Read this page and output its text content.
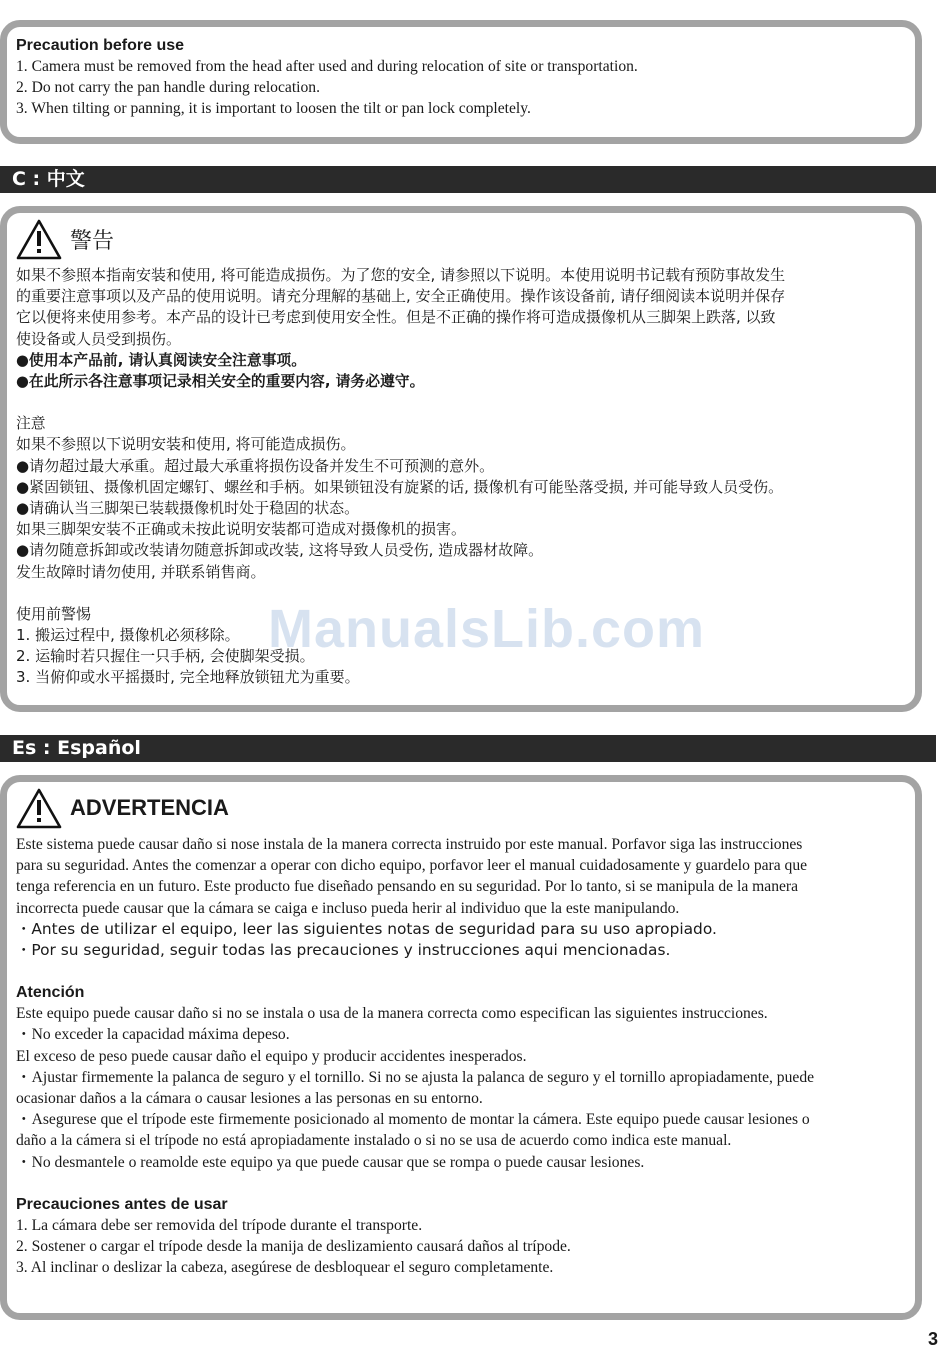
Precaution before use
1. Camera must be removed from the head after used and during relocation of site or transportation.
2. Do not carry the pan handle during relocation.
3. When tilting or panning, it is important to loosen the tilt or pan lock completely.
C : 中文
警告
如果不参照本指南安装和使用, 将可能造成损伤。为了您的安全, 请参照以下说明。本使用说明书记载有预防事故发生
的重要注意事项以及产品的使用说明。请充分理解的基础上, 安全正确使用。操作该设备前, 请仔细阅读本说明并保存
它以便将来使用参考。本产品的设计已考虑到使用安全性。但是不正确的操作将可造成摄像机从三脚架上跌落, 以致
使设备或人员受到损伤。
●使用本产品前, 请认真阅读安全注意事项。
●在此所示各注意事项记录相关安全的重要内容, 请务必遵守。
注意
如果不参照以下说明安装和使用, 将可能造成损伤。
●请勿超过最大承重。超过最大承重将损伤设备并发生不可预测的意外。
●紧固锁钮、摄像机固定螺钉、螺丝和手柄。如果锁钮没有旋紧的话, 摄像机有可能坠落受损, 并可能导致人员受伤。
●请确认当三脚架已装载摄像机时处于稳固的状态。
如果三脚架安装不正确或未按此说明安装都可造成对摄像机的损害。
●请勿随意拆卸或改装请勿随意拆卸或改装, 这将导致人员受伤, 造成器材故障。
发生故障时请勿使用, 并联系销售商。
使用前警惕
1. 搬运过程中, 摄像机必须移除。
2. 运输时若只握住一只手柄, 会使脚架受损。
3. 当俯仰或水平摇摄时, 完全地释放锁钮尤为重要。
ManualsLib.com
Es : Español
ADVERTENCIA
Este sistema puede causar daño si nose instala de la manera correcta instruido por este manual. Porfavor siga las instrucciones
para su seguridad. Antes the comenzar a operar con dicho equipo, porfavor leer el manual cuidadosamente y guardelo para que
tenga referencia en un futuro. Este producto fue diseñado pensando en su seguridad. Por lo tanto, si se manipula de la manera
incorrecta puede causar que la cámara se caiga e incluso pueda herir al individuo que la este manipulando.
・Antes de utilizar el equipo, leer las siguientes notas de seguridad para su uso apropiado.
・Por su seguridad, seguir todas las precauciones y instrucciones aqui mencionadas.
Atención
Este equipo puede causar daño si no se instala o usa de la manera correcta como especifican las siguientes instrucciones.
・No exceder la capacidad máxima depeso.
El exceso de peso puede causar daño el equipo y producir accidentes inesperados.
・Ajustar firmemente la palanca de seguro y el tornillo. Si no se ajusta la palanca de seguro y el tornillo apropiadamente, puede
ocasionar daños a la cámara o causar lesiones a las personas en su entorno.
・Asegurese que el trípode este firmemente posicionado al momento de montar la cámera. Este equipo puede causar lesiones o
daño a la cámera si el trípode no está apropiadamente instalado o si no se usa de acuerdo como indica este manual.
・No desmantele o reamolde este equipo ya que puede causar que se rompa o puede causar lesiones.
Precauciones antes de usar
1. La cámara debe ser removida del trípode durante el transporte.
2. Sostener o cargar el trípode desde la manija de deslizamiento causará daños al trípode.
3. Al inclinar o deslizar la cabeza, asegúrese de desbloquear el seguro completamente.
3
